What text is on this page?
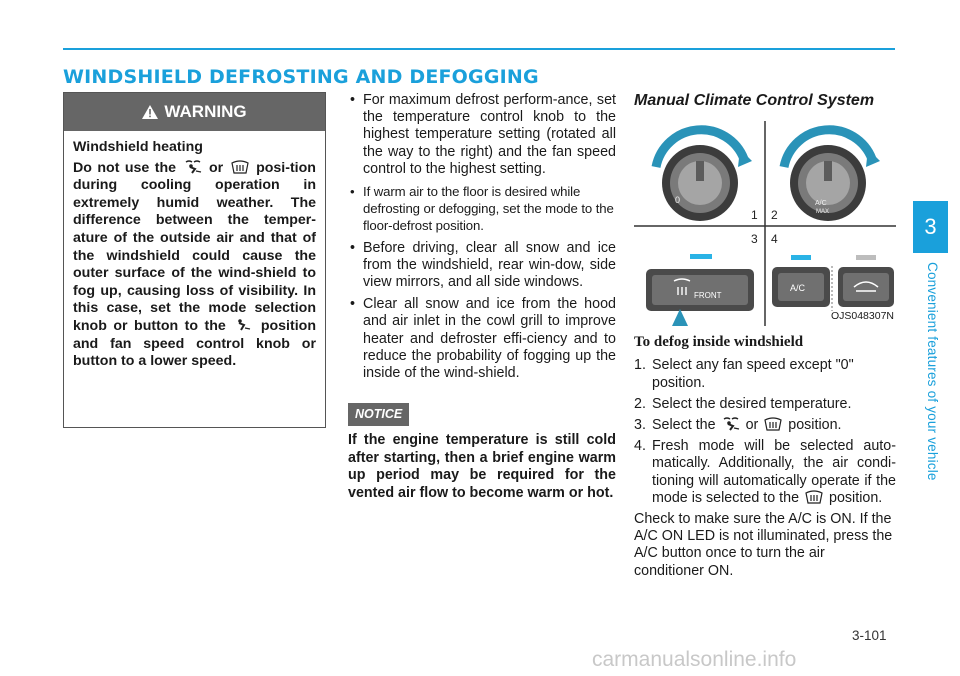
WINDSHIELD DEFROSTING AND DEFOGGING
WARNING

Windshield heating

Do not use the or posi-tion during cooling operation in extremely humid weather. The difference between the temper-ature of the outside air and that of the windshield could cause the outer surface of the wind-shield to fog up, causing loss of visibility. In this case, set the mode selection knob or button to the position and fan speed control knob or button to a lower speed.

• For maximum defrost perform-ance, set the temperature control knob to the highest temperature setting (rotated all the way to the right) and the fan speed control to the highest setting.
• If warm air to the floor is desired while defrosting or defogging, set the mode to the floor-defrost position.
• Before driving, clear all snow and ice from the windshield, rear win-dow, side view mirrors, and all side windows.
• Clear all snow and ice from the hood and air inlet in the cowl grill to improve heater and defroster effi-ciency and to reduce the probability of fogging up the inside of the wind-shield.
NOTICE
If the engine temperature is still cold after starting, then a brief engine warm up period may be required for the vented air flow to become warm or hot.
Manual Climate Control System
0	A/C
MAX
1 2
3 4
FRONT
A/C
OJS048307N
To defog inside windshield
1. Select any fan speed except "0" position.
2. Select the desired temperature.
3. Select the or position.
4. Fresh mode will be selected auto-matically. Additionally, the air condi-tioning will automatically operate if the mode is selected to the position.
Check to make sure the A/C is ON. If the A/C ON LED is not illuminated, press the A/C button once to turn the air conditioner ON.
3
Convenient features of your vehicle
3-101
carmanualsonline.info
